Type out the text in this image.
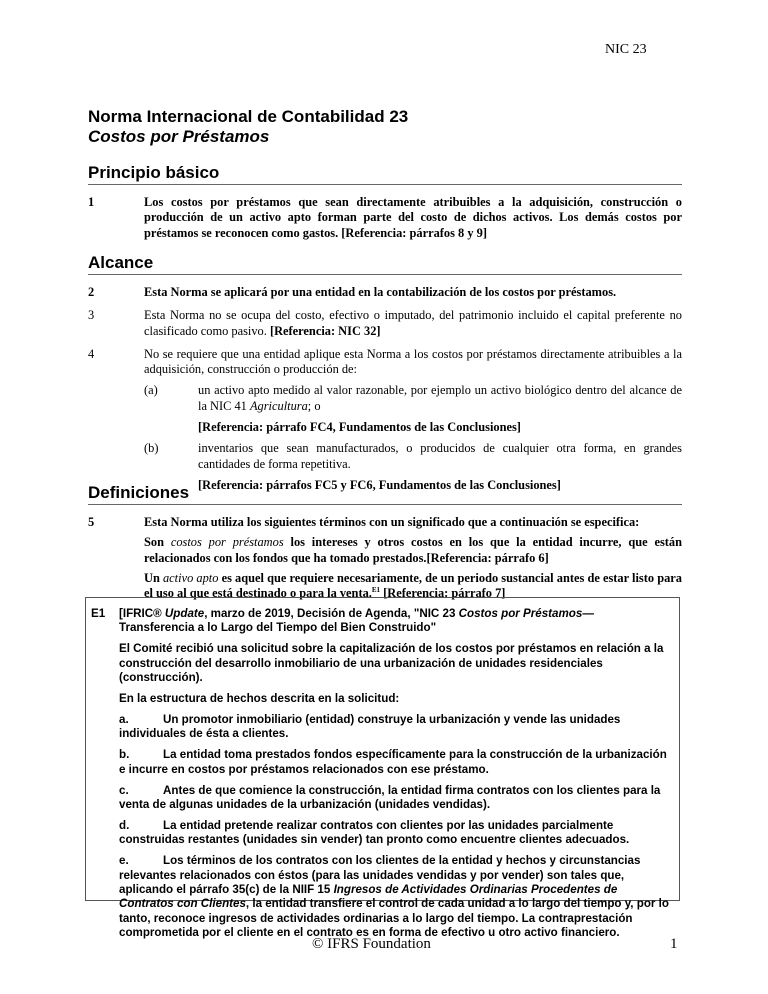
NIC 23
Norma Internacional de Contabilidad 23
Costos por Préstamos
Principio básico
1	Los costos por préstamos que sean directamente atribuibles a la adquisición, construcción o producción de un activo apto forman parte del costo de dichos activos. Los demás costos por préstamos se reconocen como gastos. [Referencia: párrafos 8 y 9]
Alcance
2	Esta Norma se aplicará por una entidad en la contabilización de los costos por préstamos.
3	Esta Norma no se ocupa del costo, efectivo o imputado, del patrimonio incluido el capital preferente no clasificado como pasivo. [Referencia: NIC 32]
4	No se requiere que una entidad aplique esta Norma a los costos por préstamos directamente atribuibles a la adquisición, construcción o producción de:
(a)	un activo apto medido al valor razonable, por ejemplo un activo biológico dentro del alcance de la NIC 41 Agricultura; o
[Referencia: párrafo FC4, Fundamentos de las Conclusiones]
(b)	inventarios que sean manufacturados, o producidos de cualquier otra forma, en grandes cantidades de forma repetitiva.
[Referencia: párrafos FC5 y FC6, Fundamentos de las Conclusiones]
Definiciones
5	Esta Norma utiliza los siguientes términos con un significado que a continuación se especifica:

Son costos por préstamos los intereses y otros costos en los que la entidad incurre, que están relacionados con los fondos que ha tomado prestados.[Referencia: párrafo 6]

Un activo apto es aquel que requiere necesariamente, de un periodo sustancial antes de estar listo para el uso al que está destinado o para la venta.$^{E1}$ [Referencia: párrafo 7]

E1 [IFRIC® Update, marzo de 2019, Decisión de Agenda, "NIC 23 Costos por Préstamos— Transferencia a lo Largo del Tiempo del Bien Construido"

El Comité recibió una solicitud sobre la capitalización de los costos por préstamos en relación a la construcción del desarrollo inmobiliario de una urbanización de unidades residenciales (construcción).

En la estructura de hechos descrita en la solicitud:

a.	Un promotor inmobiliario (entidad) construye la urbanización y vende las unidades individuales de ésta a clientes.

b.	La entidad toma prestados fondos específicamente para la construcción de la urbanización e incurre en costos por préstamos relacionados con ese préstamo.

c.	Antes de que comience la construcción, la entidad firma contratos con los clientes para la venta de algunas unidades de la urbanización (unidades vendidas).

d.	La entidad pretende realizar contratos con clientes por las unidades parcialmente construidas restantes (unidades sin vender) tan pronto como encuentre clientes adecuados.

e.	Los términos de los contratos con los clientes de la entidad y hechos y circunstancias relevantes relacionados con éstos (para las unidades vendidas y por vender) son tales que, aplicando el párrafo 35(c) de la NIIF 15 Ingresos de Actividades Ordinarias Procedentes de Contratos con Clientes, la entidad transfiere el control de cada unidad a lo largo del tiempo y, por lo tanto, reconoce ingresos de actividades ordinarias a lo largo del tiempo. La contraprestación comprometida por el cliente en el contrato es en forma de efectivo u otro activo financiero.

© IFRS Foundation	1
